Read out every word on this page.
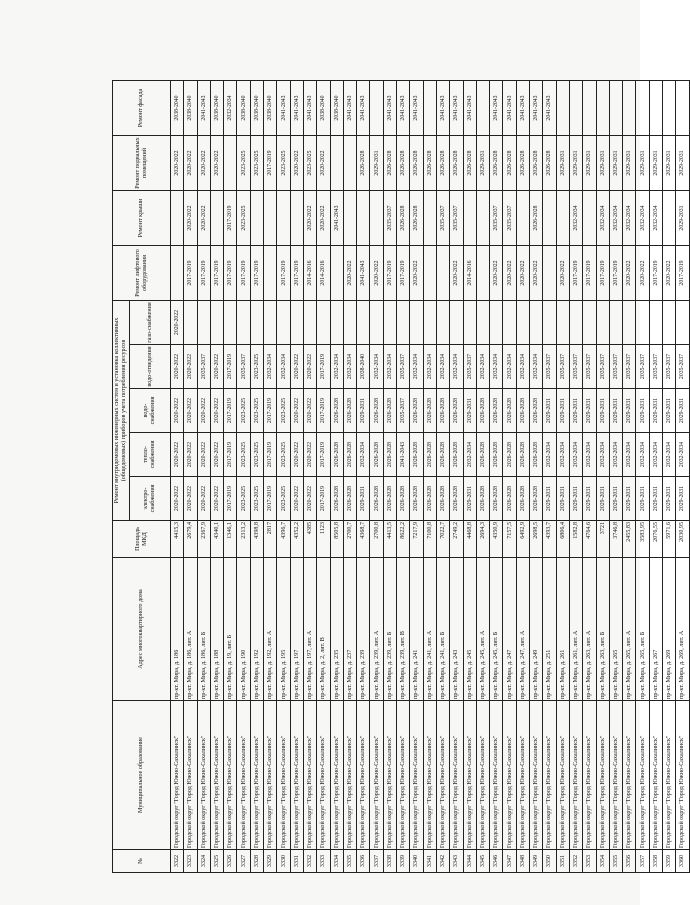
№	Муниципальное образование	Адрес многоквартирного дома	Площадь МКД	Ремонт внутридомовых инженерных систем и установка коллективных (общедомовых) приборов учета потребления ресурсов					Ремонт лифтового оборудования	Ремонт крыши	Ремонт подвальных помещений	Ремонт фасада
				электро-снабжения	тепло-снабжения	водо-снабжения	водо-отведения	газо-снабжения				
3322	Городской округ "Город Южно-Сахалинск"	пр-кт. Мира, д. 186	4415,3	2020-2022	2020-2022	2020-2022	2020-2022	2020-2022			2020-2022	2038-2040
3323	Городской округ "Город Южно-Сахалинск"	пр-кт. Мира, д. 186, лит. А	2679,4	2020-2022	2020-2022	2020-2022	2020-2022		2017-2019	2020-2022	2020-2022	2038-2040
3324	Городской округ "Город Южно-Сахалинск"	пр-кт. Мира, д. 186, лит. Б	2367,9	2020-2022	2020-2022	2020-2022	2035-2037		2017-2019	2020-2022	2020-2022	2041-2043
3325	Городской округ "Город Южно-Сахалинск"	пр-кт. Мира, д. 188	4340,1	2020-2022	2020-2022	2020-2022	2020-2022		2017-2019		2020-2022	2038-2040
3326	Городской округ "Город Южно-Сахалинск"	пр-кт. Мира, д. 19, лит. Б	1346,1	2017-2019	2017-2019	2017-2019	2017-2019		2017-2019	2017-2019		2032-2034
3327	Городской округ "Город Южно-Сахалинск"	пр-кт. Мира, д. 190	2313,2	2023-2025	2023-2025	2023-2025	2035-2037		2017-2019	2023-2025	2023-2025	2038-2040
3328	Городской округ "Город Южно-Сахалинск"	пр-кт. Мира, д. 192	4398,8	2023-2025	2023-2025	2023-2025	2023-2025		2017-2019		2023-2025	2038-2040
3329	Городской округ "Город Южно-Сахалинск"	пр-кт. Мира, д. 192, лит. А	2817	2017-2019	2017-2019	2017-2019	2032-2034				2017-2019	2038-2040
3330	Городской округ "Город Южно-Сахалинск"	пр-кт. Мира, д. 195	4396,7	2023-2025	2023-2025	2023-2025	2032-2034		2017-2019		2023-2025	2041-2043
3331	Городской округ "Город Южно-Сахалинск"	пр-кт. Мира, д. 197	4352,2	2020-2022	2020-2022	2020-2022	2020-2022		2017-2019		2020-2022	2041-2043
3332	Городской округ "Город Южно-Сахалинск"	пр-кт. Мира, д. 197, лит. А	4385	2020-2022	2020-2022	2020-2022	2020-2022		2014-2016	2020-2022	2023-2025	2041-2043
3333	Городской округ "Город Южно-Сахалинск"	пр-кт. Мира, д. 2, лит. В	1123	2017-2019	2017-2019	2017-2019	2017-2019		2014-2016	2020-2022	2020-2022	2038-2040
3334	Городской округ "Город Южно-Сахалинск"	пр-кт. Мира, д. 235	8505,8	2026-2028	2026-2028	2026-2028	2032-2034			2041-2043		2038-2040
3335	Городской округ "Город Южно-Сахалинск"	пр-кт. Мира, д. 237	2700,7	2026-2028	2026-2028	2026-2028	2032-2034		2020-2022			2041-2043
3336	Городской округ "Город Южно-Сахалинск"	пр-кт. Мира, д. 239	4368,7	2029-2031	2032-2034	2029-2031	2038-2040		2041-2043		2026-2028	2041-2043
3337	Городской округ "Город Южно-Сахалинск"	пр-кт. Мира, д. 239, лит. А	2700,8	2026-2028	2026-2028	2026-2028	2032-2034		2020-2022		2029-2031	
3338	Городской округ "Город Южно-Сахалинск"	пр-кт. Мира, д. 239, лит. Б	4413,5	2026-2028	2026-2028	2026-2028	2032-2034		2017-2019	2035-2037	2026-2028	2041-2043
3339	Городской округ "Город Южно-Сахалинск"	пр-кт. Мира, д. 239, лит. В	8622,2	2026-2028	2041-2043	2035-2037	2035-2037		2017-2019	2026-2028	2026-2028	2041-2043
3340	Городской округ "Город Южно-Сахалинск"	пр-кт. Мира, д. 241	7217,9	2026-2028	2026-2028	2026-2028	2032-2034		2020-2022	2026-2028	2026-2028	2041-2043
3341	Городской округ "Город Южно-Сахалинск"	пр-кт. Мира, д. 241, лит. А	7100,8	2026-2028	2026-2028	2026-2028	2032-2034				2026-2028	
3342	Городской округ "Город Южно-Сахалинск"	пр-кт. Мира, д. 241, лит. Б	7022,7	2026-2028	2026-2028	2026-2028	2032-2034			2035-2037	2026-2028	2041-2043
3343	Городской округ "Город Южно-Сахалинск"	пр-кт. Мира, д. 243	2749,2	2026-2028	2026-2028	2026-2028	2032-2034		2020-2022	2035-2037	2026-2028	2041-2043
3344	Городской округ "Город Южно-Сахалинск"	пр-кт. Мира, д. 245	4468,8	2029-2031	2032-2034	2029-2031	2035-2037		2014-2016		2026-2028	2041-2043
3345	Городской округ "Город Южно-Сахалинск"	пр-кт. Мира, д. 245, лит. А	2694,3	2026-2028	2026-2028	2026-2028	2032-2034				2029-2031	
3346	Городской округ "Город Южно-Сахалинск"	пр-кт. Мира, д. 245, лит. Б	4350,9	2026-2028	2026-2028	2026-2028	2032-2034		2020-2022	2035-2037	2026-2028	2041-2043
3347	Городской округ "Город Южно-Сахалинск"	пр-кт. Мира, д. 247	7157,5	2026-2028	2026-2028	2026-2028	2032-2034		2020-2022	2035-2037	2026-2028	2041-2043
3348	Городской округ "Город Южно-Сахалинск"	пр-кт. Мира, д. 247, лит. А	6492,9	2026-2028	2026-2028	2026-2028	2032-2034		2020-2022		2026-2028	2041-2043
3349	Городской округ "Город Южно-Сахалинск"	пр-кт. Мира, д. 249	2698,5	2026-2028	2026-2028	2026-2028	2032-2034		2020-2022	2026-2028	2026-2028	2041-2043
3350	Городской округ "Город Южно-Сахалинск"	пр-кт. Мира, д. 251	4393,7	2029-2031	2032-2034	2029-2031	2035-2037				2026-2028	2041-2043
3351	Городской округ "Город Южно-Сахалинск"	пр-кт. Мира, д. 261	6806,4	2029-2031	2032-2034	2029-2031	2035-2037		2020-2022		2029-2031	
3352	Городской округ "Город Южно-Сахалинск"	пр-кт. Мира, д. 261, лит. А	1582,8	2029-2031	2032-2034	2029-2031	2035-2037		2017-2019	2032-2034	2029-2031	
3353	Городской округ "Город Южно-Сахалинск"	пр-кт. Мира, д. 263, лит. А	4764,6	2029-2031	2032-2034	2029-2031	2035-2037		2017-2019		2029-2031	
3354	Городской округ "Город Южно-Сахалинск"	пр-кт. Мира, д. 263, лит. Б	3721	2029-2031	2032-2034	2029-2031	2035-2037		2017-2019	2032-2034	2029-2031	
3355	Городской округ "Город Южно-Сахалинск"	пр-кт. Мира, д. 265	3746,8	2029-2031	2032-2034	2029-2031	2035-2037		2017-2019	2032-2034	2029-2031	
3356	Городской округ "Город Южно-Сахалинск"	пр-кт. Мира, д. 265, лит. А	2455,83	2029-2031	2032-2034	2029-2031	2035-2037		2020-2022	2032-2034	2029-2031	
3357	Городской округ "Город Южно-Сахалинск"	пр-кт. Мира, д. 265, лит. Б	3583,95	2029-2031	2032-2034	2029-2031	2035-2037		2020-2022	2032-2034	2029-2031	
3358	Городской округ "Город Южно-Сахалинск"	пр-кт. Мира, д. 267	2076,55	2029-2031	2032-2034	2029-2031	2035-2037		2017-2019	2032-2034	2029-2031	
3359	Городской округ "Город Южно-Сахалинск"	пр-кт. Мира, д. 269	5971,6	2029-2031	2032-2034	2029-2031	2035-2037		2020-2022		2029-2031	
3360	Городской округ "Город Южно-Сахалинск"	пр-кт. Мира, д. 269, лит. А	2030,95	2029-2031	2032-2034	2029-2031	2035-2037		2017-2019	2029-2031	2029-2031	
